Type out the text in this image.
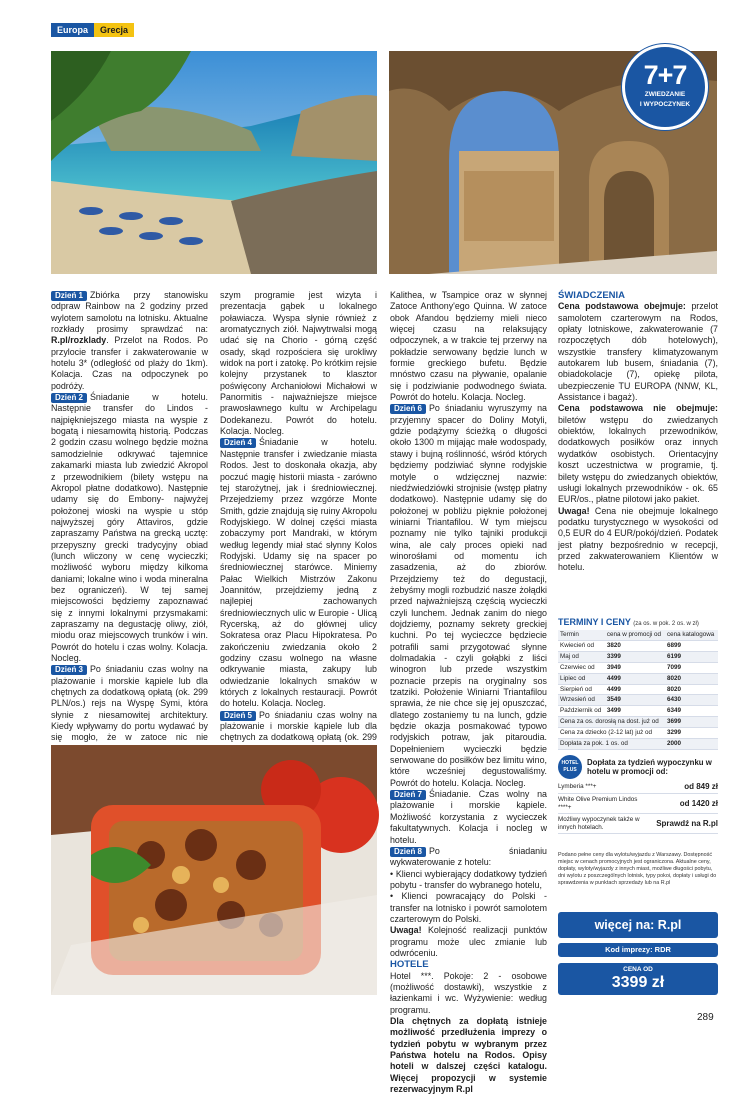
Europa	Grecja
7+7
ZWIEDZANIE
I WYPOCZYNEK

Dzień 1 Zbiórka przy stanowisku odpraw Rainbow na 2 godziny przed wylotem samolotu na lotnisku. Aktualne rozkłady prosimy sprawdzać na: R.pl/rozklady. Przelot na Rodos. Po przylocie transfer i zakwaterowanie w hotelu 3* (odległość od plaży do 1km). Kolacja. Czas na odpoczynek po podróży.

Dzień 2 Śniadanie w hotelu. Następnie transfer do Lindos - najpiękniejszego miasta na wyspie z bogatą i niesamowitą historią. Podczas 2 godzin czasu wolnego będzie można samodzielnie odkrywać tajemnice zakamarki miasta lub zwiedzić Akropol z przewodnikiem (bilety wstępu na Akropol płatne dodatkowo). Następnie udamy się do Embony- najwyżej położonej wioski na wyspie u stóp najwyższej góry Attaviros, gdzie zapraszamy Państwa na grecką ucztę: przepyszny grecki tradycyjny obiad (lunch wliczony w cenę wycieczki; możliwość wyboru między kilkoma daniami; lokalne wino i woda mineralna bez ograniczeń). W tej samej miejscowości będziemy zapoznawać się z innymi lokalnymi przysmakami: zapraszamy na degustację oliwy, ziół, miodu oraz miejscowych trunków i win. Powrót do hotelu i czas wolny. Kolacja. Nocleg.

Dzień 3 Po śniadaniu czas wolny na plażowanie i morskie kąpiele lub dla chętnych za dodatkową opłatą (ok. 299 PLN/os.) rejs na Wyspę Symi, która słynie z niesamowitej architektury. Kiedy wpływamy do portu wydawać by się mogło, że w zatoce nic nie

szym programie jest wizyta i prezentacja gąbek u lokalnego poławiacza. Wyspa słynie również z aromatycznych ziół. Najwytrwalsi mogą udać się na Chorio - górną część osady, skąd rozpościera się urokliwy widok na port i zatokę. Po krótkim rejsie kolejny przystanek to klasztor poświęcony Archaniołowi Michałowi w Panormitis - najważniejsze miejsce prawosławnego kultu w Archipelagu Dodekanezu. Powrót do hotelu. Kolacja. Nocleg.

Dzień 4 Śniadanie w hotelu. Następnie transfer i zwiedzanie miasta Rodos. Jest to doskonała okazja, aby poczuć magię historii miasta - zarówno tej starożytnej, jak i średniowiecznej. Przejedziemy przez wzgórze Monte Smith, gdzie znajdują się ruiny Akropolu Rodyjskiego. W dolnej części miasta zobaczymy port Mandraki, w którym według legendy miał stać słynny Kolos Rodyjski. Udamy się na spacer po średniowiecznej starówce. Miniemy Pałac Wielkich Mistrzów Zakonu Joannitów, przejdziemy jedną z najlepiej zachowanych średniowiecznych ulic w Europie - Ulicą Rycerską, aż do głównej ulicy Sokratesa oraz Placu Hipokratesa. Po zakończeniu zwiedzania około 2 godziny czasu wolnego na własne odkrywanie miasta, zakupy lub odwiedzanie lokalnych smaków w których z lokalnych restauracji. Powrót do hotelu. Kolacja. Nocleg.

Dzień 5 Po śniadaniu czas wolny na plażowanie i morskie kąpiele lub dla chętnych za dodatkową opłatą (ok. 299

Kalithea, w Tsampice oraz w słynnej Zatoce Anthony'ego Quinna. W zatoce obok Afandou będziemy mieli nieco więcej czasu na relaksujący odpoczynek, a w trakcie tej przerwy na pokładzie serwowany będzie lunch w formie greckiego bufetu. Będzie mnóstwo czasu na pływanie, opalanie się i podziwianie podwodnego świata. Powrót do hotelu. Kolacja. Nocleg.

Dzień 6 Po śniadaniu wyruszymy na przyjemny spacer do Doliny Motyli, gdzie podążymy ścieżką o długości około 1300 m mijając małe wodospady, stawy i bujną roślinność, wśród których będziemy podziwiać słynne rodyjskie motyle o wdzięcznej nazwie: niedźwiedziówki strojnisie (wstęp płatny dodatkowo). Następnie udamy się do położonej w pobliżu pięknie położonej winiarni Triantafilou. W tym miejscu poznamy nie tylko tajniki produkcji wina, ale calу proces opieki nad winorośłami od momentu ich zasadzenia, aż do zbiorów. Przejdziemy też do degustacji, żebyśmy mogli rozbudzić nasze żołądki przed najważniejszą częścią wycieczki czyli lunchem. Jednak zanim do niego dojdziemy, poznamy sekrety greckiej kuchni. Po tej wycieczce będziecie potrafili sami przygotować słynne dolmadakia - czyli gołąbki z liści winogron lub przede wszystkim poznacie przepis na oryginalny sos tzatziki. Położenie Winiarni Triantafilou sprawia, że nie chce się jej opuszczać, dlatego zostaniemy tu na lunch, gdzie będzie okazja posmakować typowo rodyjskich potraw, jak pitaroudia. Dopełnieniem wycieczki będzie serwowane do posiłków bez limitu wino, które wcześniej degustowaliśmy. Powrót do hotelu. Kolacja. Nocleg.

Dzień 7 Śniadanie. Czas wolny na plażowanie i morskie kąpiele. Możliwość korzystania z wycieczek fakultatywnych. Kolacja i nocleg w hotelu.

Dzień 8 Po śniadaniu wykwaterowanie z hotelu:

• Klienci wybierający dodatkowy tydzień pobytu - transfer do wybranego hotelu,

• Klienci powracający do Polski - transfer na lotnisko i powrót samolotem czarterowym do Polski.

Uwaga! Kolejność realizacji punktów programu może ulec zmianie lub odwróceniu.

HOTELE

Hotel ***. Pokoje: 2 - osobowe (możliwość dostawki), wszystkie z łazienkami i wc. Wyżywienie: według programu.

Dla chętnych za dopłatą istnieje możliwość przedłużenia imprezy o tydzień pobytu w wybranym przez Państwa hotelu na Rodos. Opisy hoteli w dalszej części katalogu. Więcej propozycji w systemie rezerwacyjnym R.pl

ŚWIADCZENIA

Cena podstawowa obejmuje: przelot samolotem czarterowym na Rodos, opłaty lotniskowe, zakwaterowanie (7 rozpoczętych dób hotelowych), wszystkie transfery klimatyzowanym autokarem lub busem, śniadania (7), obiadokolacje (7), opiekę pilota, ubezpieczenie TU EUROPA (NNW, KL, Assistance i bagaż).

Cena podstawowa nie obejmuje: biletów wstępu do zwiedzanych obiektów, lokalnych przewodników, dodatkowych posiłków oraz innych wydatków osobistych. Orientacyjny koszt uczestnictwa w programie, tj. bilety wstępu do zwiedzanych obiektów, usługi lokalnych przewodników - ok. 65 EUR/os., płatne pilotowi jako pakiet.

Uwaga! Cena nie obejmuje lokalnego podatku turystycznego w wysokości od 0,5 EUR do 4 EUR/pokój/dzień. Podatek jest płatny bezpośrednio w recepcji, przed zakwaterowaniem Klientów w hotelu.

TERMINY I CENY (za os. w pok. 2 os. w zł)
Termin	cena w promocji od	cena katalogowa
Kwiecień od	3820	6899
Maj od	3399	6199
Czerwiec od	3949	7099
Lipiec od	4499	8020
Sierpień od	4499	8020
Wrzesień od	3549	6430
Październik od	3499	6349
Cena za os. dorosłą na dost. już od		3699
Cena za dziecko (2-12 lat) już od		3299
Dopłata za pok. 1 os. od		2000
HOTEL
PLUS
Dopłata za tydzień wypoczynku w hotelu w promocji od:
Lymberia ***+	od 849 zł
White Olive Premium Lindos ****+	od 1420 zł
Możliwy wypoczynek także w innych hotelach.	Sprawdź na R.pl
Podano pełne ceny dla wylotu/wyjazdu z Warszawy. Dostępność miejsc w cenach promocyjnych jest ograniczona. Aktualne ceny, dopłaty, wyloty/wyjazdy z innych miast, możliwe długości pobytu, dni wylotu z poszczególnych lotnisk, typy pokoi, dopłaty i usługi do sprawdzenia w punktach sprzedaży lub na R.pl
więcej na: R.pl
Kod imprezy: RDR
CENA OD
3399 zł
289
